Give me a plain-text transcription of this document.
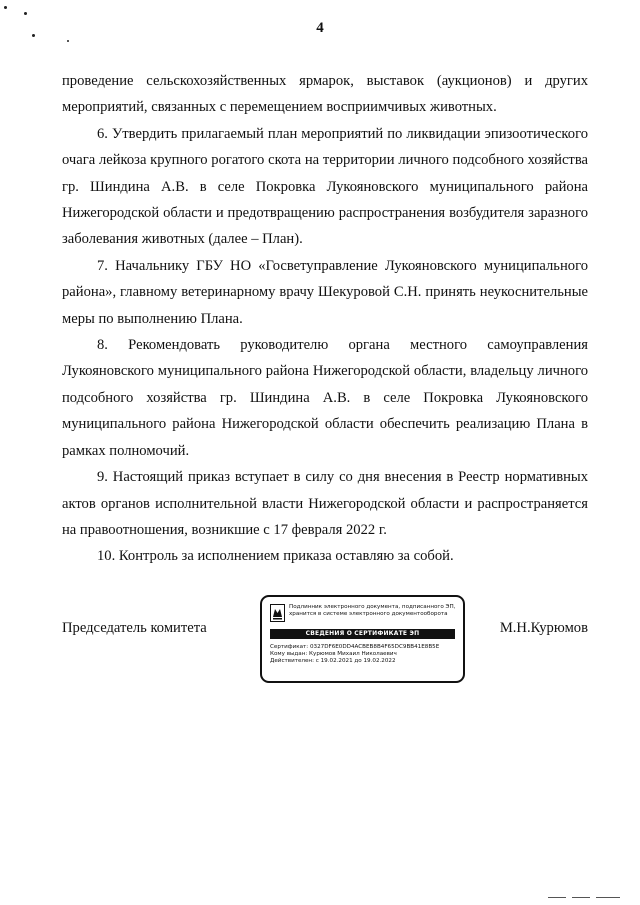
4

проведение сельскохозяйственных ярмарок, выставок (аукционов) и других мероприятий, связанных с перемещением восприимчивых животных.

6. Утвердить прилагаемый план мероприятий по ликвидации эпизоотического очага лейкоза крупного рогатого скота на территории личного подсобного хозяйства гр. Шиндина А.В. в селе Покровка Лукояновского муниципального района Нижегородской области и предотвращению распространения возбудителя заразного заболевания животных (далее – План).

7. Начальнику ГБУ НО «Госветуправление Лукояновского муниципального района», главному ветеринарному врачу Шекуровой С.Н. принять неукоснительные меры по выполнению Плана.

8. Рекомендовать руководителю органа местного самоуправления Лукояновского муниципального района Нижегородской области, владельцу личного подсобного хозяйства гр. Шиндина А.В. в селе Покровка Лукояновского муниципального района Нижегородской области обеспечить реализацию Плана в рамках полномочий.

9. Настоящий приказ вступает в силу со дня внесения в Реестр нормативных актов органов исполнительной власти Нижегородской области и распространяется на правоотношения, возникшие с 17 февраля 2022 г.

10. Контроль за исполнением приказа оставляю за собой.

Председатель комитета
Подлинник электронного документа, подписанного ЭП,
хранится в системе электронного документооборота
СВЕДЕНИЯ О СЕРТИФИКАТЕ ЭП
Сертификат: 0327DF6E0DD4ACBEB8B4F65DC9BB41E8B5E
Кому выдан: Курюмов Михаил Николаевич
Действителен: с 19.02.2021 до 19.02.2022
М.Н.Курюмов
